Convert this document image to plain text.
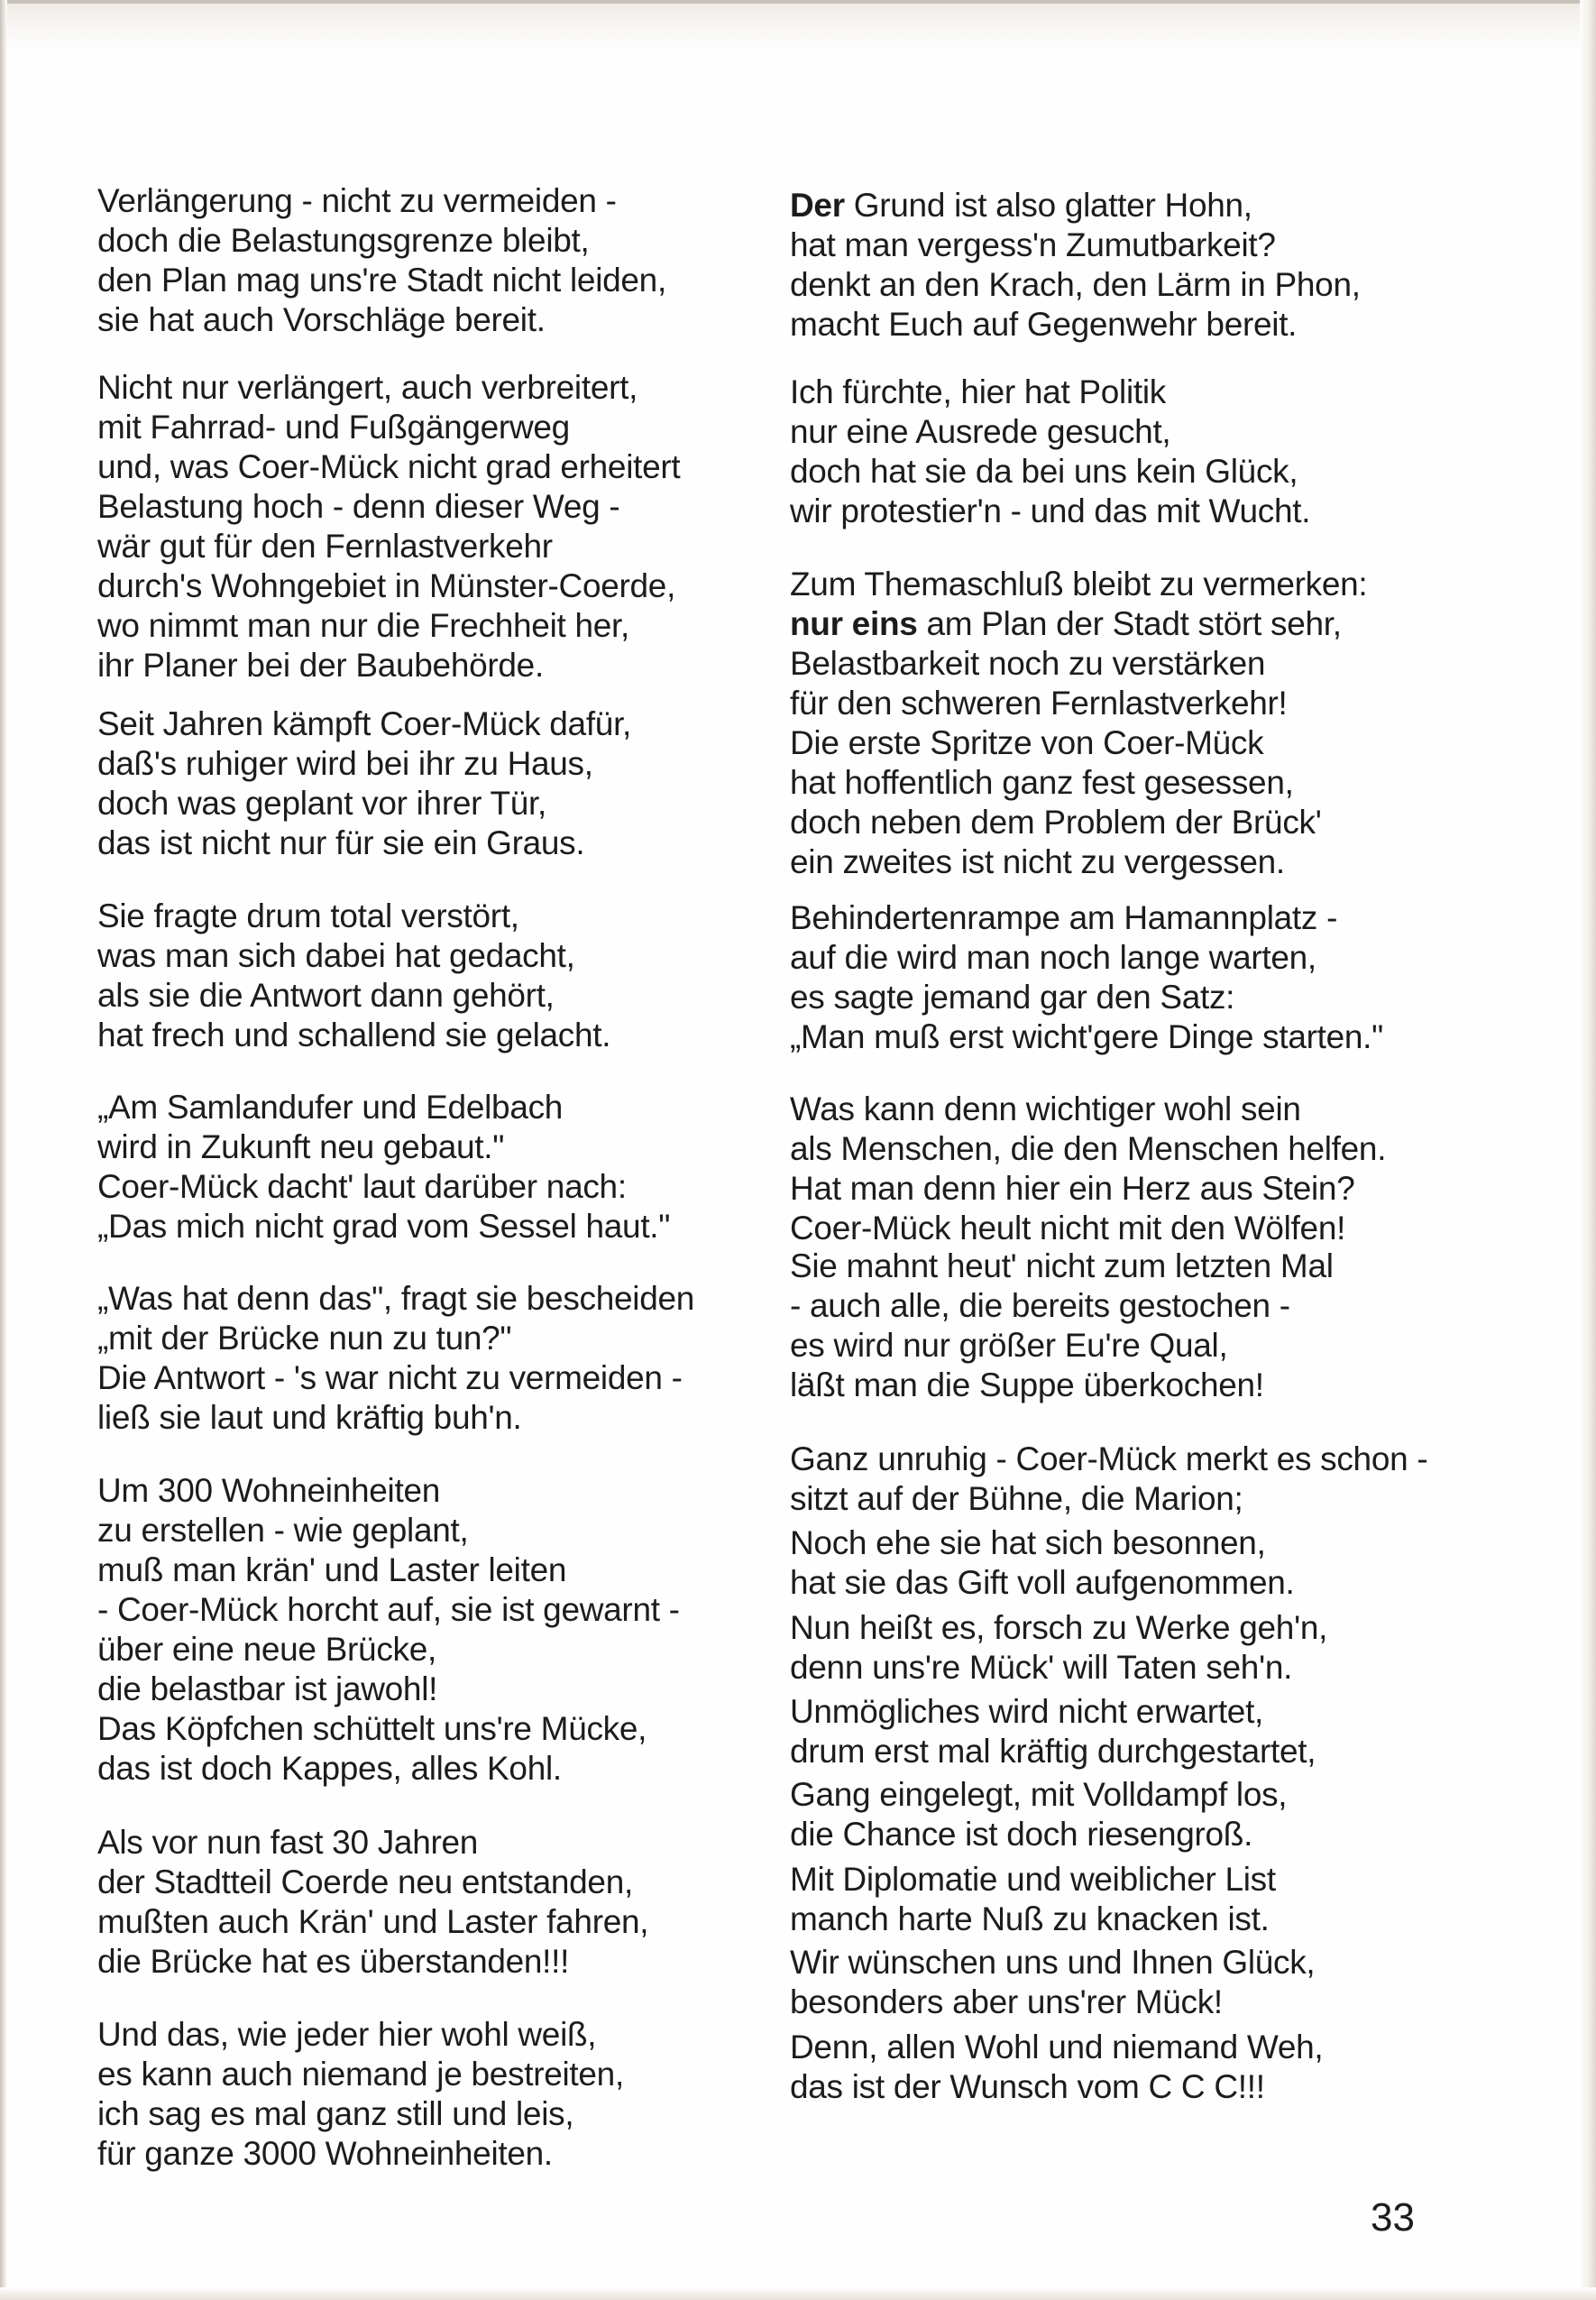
Verlängerung - nicht zu vermeiden -
doch die Belastungsgrenze bleibt,
den Plan mag uns're Stadt nicht leiden,
sie hat auch Vorschläge bereit.
Nicht nur verlängert, auch verbreitert,
mit Fahrrad- und Fußgängerweg
und, was Coer-Mück nicht grad erheitert
Belastung hoch - denn dieser Weg -
wär gut für den Fernlastverkehr
durch's Wohngebiet in Münster-Coerde,
wo nimmt man nur die Frechheit her,
ihr Planer bei der Baubehörde.
Seit Jahren kämpft Coer-Mück dafür,
daß's ruhiger wird bei ihr zu Haus,
doch was geplant vor ihrer Tür,
das ist nicht nur für sie ein Graus.
Sie fragte drum total verstört,
was man sich dabei hat gedacht,
als sie die Antwort dann gehört,
hat frech und schallend sie gelacht.
„Am Samlandufer und Edelbach
wird in Zukunft neu gebaut."
Coer-Mück dacht' laut darüber nach:
„Das mich nicht grad vom Sessel haut."
„Was hat denn das", fragt sie bescheiden
„mit der Brücke nun zu tun?"
Die Antwort - 's war nicht zu vermeiden -
ließ sie laut und kräftig buh'n.
Um 300 Wohneinheiten
zu erstellen - wie geplant,
muß man krän' und Laster leiten
- Coer-Mück horcht auf, sie ist gewarnt -
über eine neue Brücke,
die belastbar ist jawohl!
Das Köpfchen schüttelt uns're Mücke,
das ist doch Kappes, alles Kohl.
Als vor nun fast 30 Jahren
der Stadtteil Coerde neu entstanden,
mußten auch Krän' und Laster fahren,
die Brücke hat es überstanden!!!
Und das, wie jeder hier wohl weiß,
es kann auch niemand je bestreiten,
ich sag es mal ganz still und leis,
für ganze 3000 Wohneinheiten.
Der Grund ist also glatter Hohn,
hat man vergess'n Zumutbarkeit?
denkt an den Krach, den Lärm in Phon,
macht Euch auf Gegenwehr bereit.
Ich fürchte, hier hat Politik
nur eine Ausrede gesucht,
doch hat sie da bei uns kein Glück,
wir protestier'n - und das mit Wucht.
Zum Themaschluß bleibt zu vermerken:
nur eins am Plan der Stadt stört sehr,
Belastbarkeit noch zu verstärken
für den schweren Fernlastverkehr!
Die erste Spritze von Coer-Mück
hat hoffentlich ganz fest gesessen,
doch neben dem Problem der Brück'
ein zweites ist nicht zu vergessen.
Behindertenrampe am Hamannplatz -
auf die wird man noch lange warten,
es sagte jemand gar den Satz:
„Man muß erst wicht'gere Dinge starten."
Was kann denn wichtiger wohl sein
als Menschen, die den Menschen helfen.
Hat man denn hier ein Herz aus Stein?
Coer-Mück heult nicht mit den Wölfen!
Sie mahnt heut' nicht zum letzten Mal
- auch alle, die bereits gestochen -
es wird nur größer Eu're Qual,
läßt man die Suppe überkochen!
Ganz unruhig - Coer-Mück merkt es schon -
sitzt auf der Bühne, die Marion;
Noch ehe sie hat sich besonnen,
hat sie das Gift voll aufgenommen.
Nun heißt es, forsch zu Werke geh'n,
denn uns're Mück' will Taten seh'n.
Unmögliches wird nicht erwartet,
drum erst mal kräftig durchgestartet,
Gang eingelegt, mit Volldampf los,
die Chance ist doch riesengroß.
Mit Diplomatie und weiblicher List
manch harte Nuß zu knacken ist.
Wir wünschen uns und Ihnen Glück,
besonders aber uns'rer Mück!
Denn, allen Wohl und niemand Weh,
das ist der Wunsch vom C C C!!!
33
